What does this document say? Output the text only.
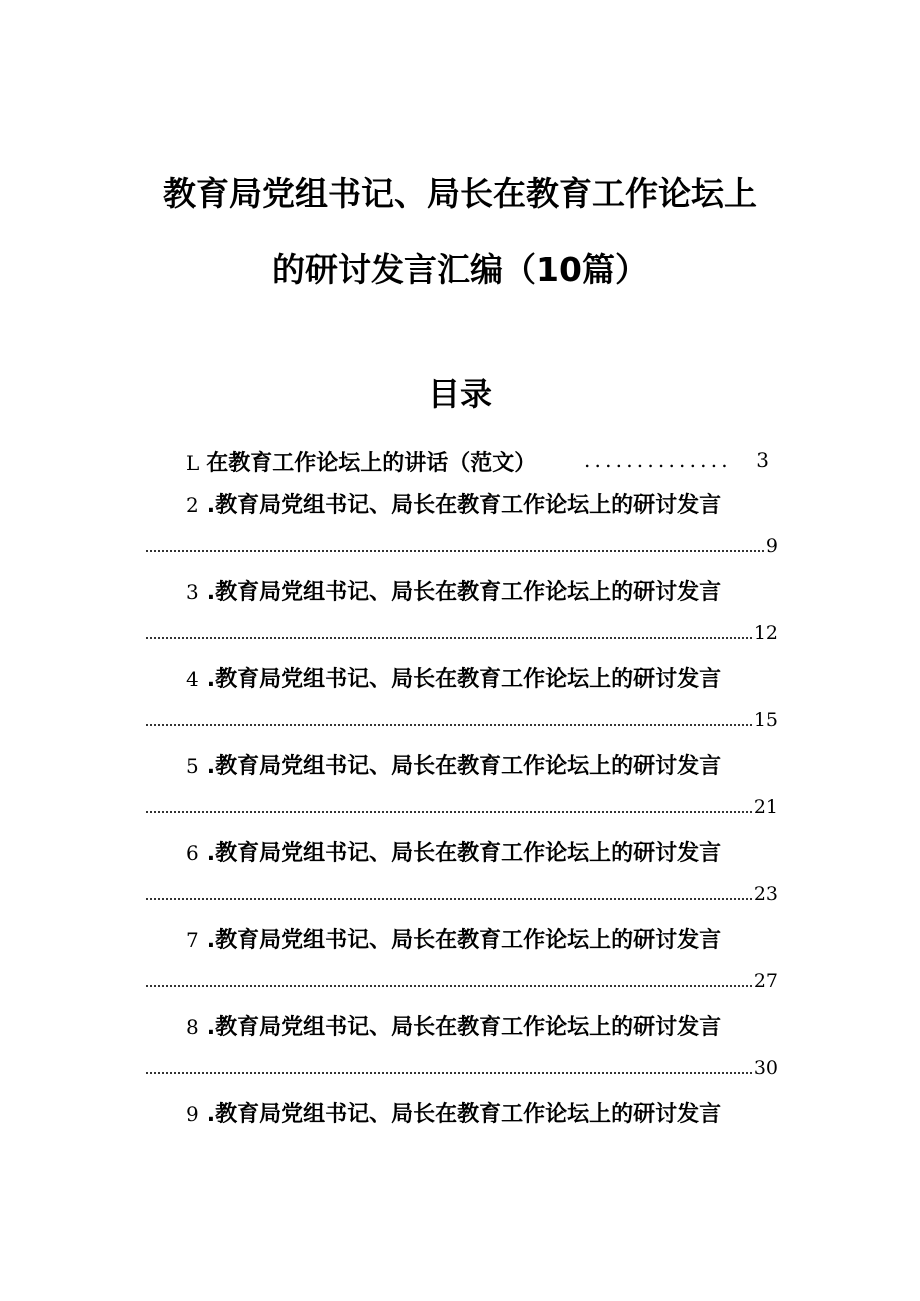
教育局党组书记、局长在教育工作论坛上
的研讨发言汇编（10篇）
目录
L 在教育工作论坛上的讲话（范文） .............. 3
2 .教育局党组书记、局长在教育工作论坛上的研讨发言
9
3 .教育局党组书记、局长在教育工作论坛上的研讨发言
12
4 .教育局党组书记、局长在教育工作论坛上的研讨发言
15
5 .教育局党组书记、局长在教育工作论坛上的研讨发言
21
6 .教育局党组书记、局长在教育工作论坛上的研讨发言
23
7 .教育局党组书记、局长在教育工作论坛上的研讨发言
27
8 .教育局党组书记、局长在教育工作论坛上的研讨发言
30
9 .教育局党组书记、局长在教育工作论坛上的研讨发言
